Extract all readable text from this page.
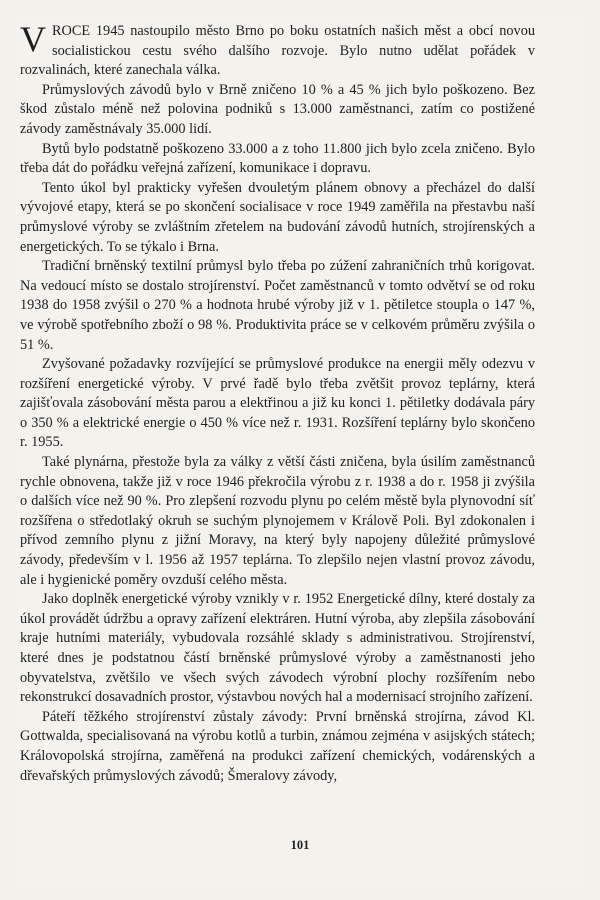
VROCE 1945 nastoupilo město Brno po boku ostatních našich měst a obcí novou socialistickou cestu svého dalšího rozvoje. Bylo nutno udělat pořádek v rozvalinách, které zanechala válka.

Průmyslových závodů bylo v Brně zničeno 10 % a 45 % jich bylo poškozeno. Bez škod zůstalo méně než polovina podniků s 13.000 zaměstnanci, zatím co postižené závody zaměstnávaly 35.000 lidí.

Bytů bylo podstatně poškozeno 33.000 a z toho 11.800 jich bylo zcela zničeno. Bylo třeba dát do pořádku veřejná zařízení, komunikace i dopravu.

Tento úkol byl prakticky vyřešen dvouletým plánem obnovy a přecházel do další vývojové etapy, která se po skončení socialisace v roce 1949 zaměřila na přestavbu naší průmyslové výroby se zvláštním zřetelem na budování závodů hutních, strojírenských a energetických. To se týkalo i Brna.

Tradiční brněnský textilní průmysl bylo třeba po zúžení zahraničních trhů korigovat. Na vedoucí místo se dostalo strojírenství. Počet zaměstnanců v tomto odvětví se od roku 1938 do 1958 zvýšil o 270 % a hodnota hrubé výroby již v 1. pětiletce stoupla o 147 %, ve výrobě spotřebního zboží o 98 %. Produktivita práce se v celkovém průměru zvýšila o 51 %.

Zvyšované požadavky rozvíjející se průmyslové produkce na energii měly odezvu v rozšíření energetické výroby. V prvé řadě bylo třeba zvětšit provoz teplárny, která zajišťovala zásobování města parou a elektřinou a již ku konci 1. pětiletky dodávala páry o 350 % a elektrické energie o 450 % více než r. 1931. Rozšíření teplárny bylo skončeno r. 1955.

Také plynárna, přestože byla za války z větší části zničena, byla úsilím zaměstnanců rychle obnovena, takže již v roce 1946 překročila výrobu z r. 1938 a do r. 1958 ji zvýšila o dalších více než 90 %. Pro zlepšení rozvodu plynu po celém městě byla plynovodní síť rozšířena o středotlaký okruh se suchým plynojemem v Králově Poli. Byl zdokonalen i přívod zemního plynu z jižní Moravy, na který byly napojeny důležité průmyslové závody, především v l. 1956 až 1957 teplárna. To zlepšilo nejen vlastní provoz závodu, ale i hygienické poměry ovzduší celého města.

Jako doplněk energetické výroby vznikly v r. 1952 Energetické dílny, které dostaly za úkol provádět údržbu a opravy zařízení elektráren. Hutní výroba, aby zlepšila zásobování kraje hutními materiály, vybudovala rozsáhlé sklady s administrativou. Strojírenství, které dnes je podstatnou částí brněnské průmyslové výroby a zaměstnanosti jeho obyvatelstva, zvětšilo ve všech svých závodech výrobní plochy rozšířením nebo rekonstrukcí dosavadních prostor, výstavbou nových hal a modernisací strojního zařízení.

Páteří těžkého strojírenství zůstaly závody: První brněnská strojírna, závod Kl. Gottwalda, specialisovaná na výrobu kotlů a turbin, známou zejména v asijských státech; Královopolská strojírna, zaměřená na produkci zařízení chemických, vodárenských a dřevařských průmyslových závodů; Šmeralovy závody,

101
